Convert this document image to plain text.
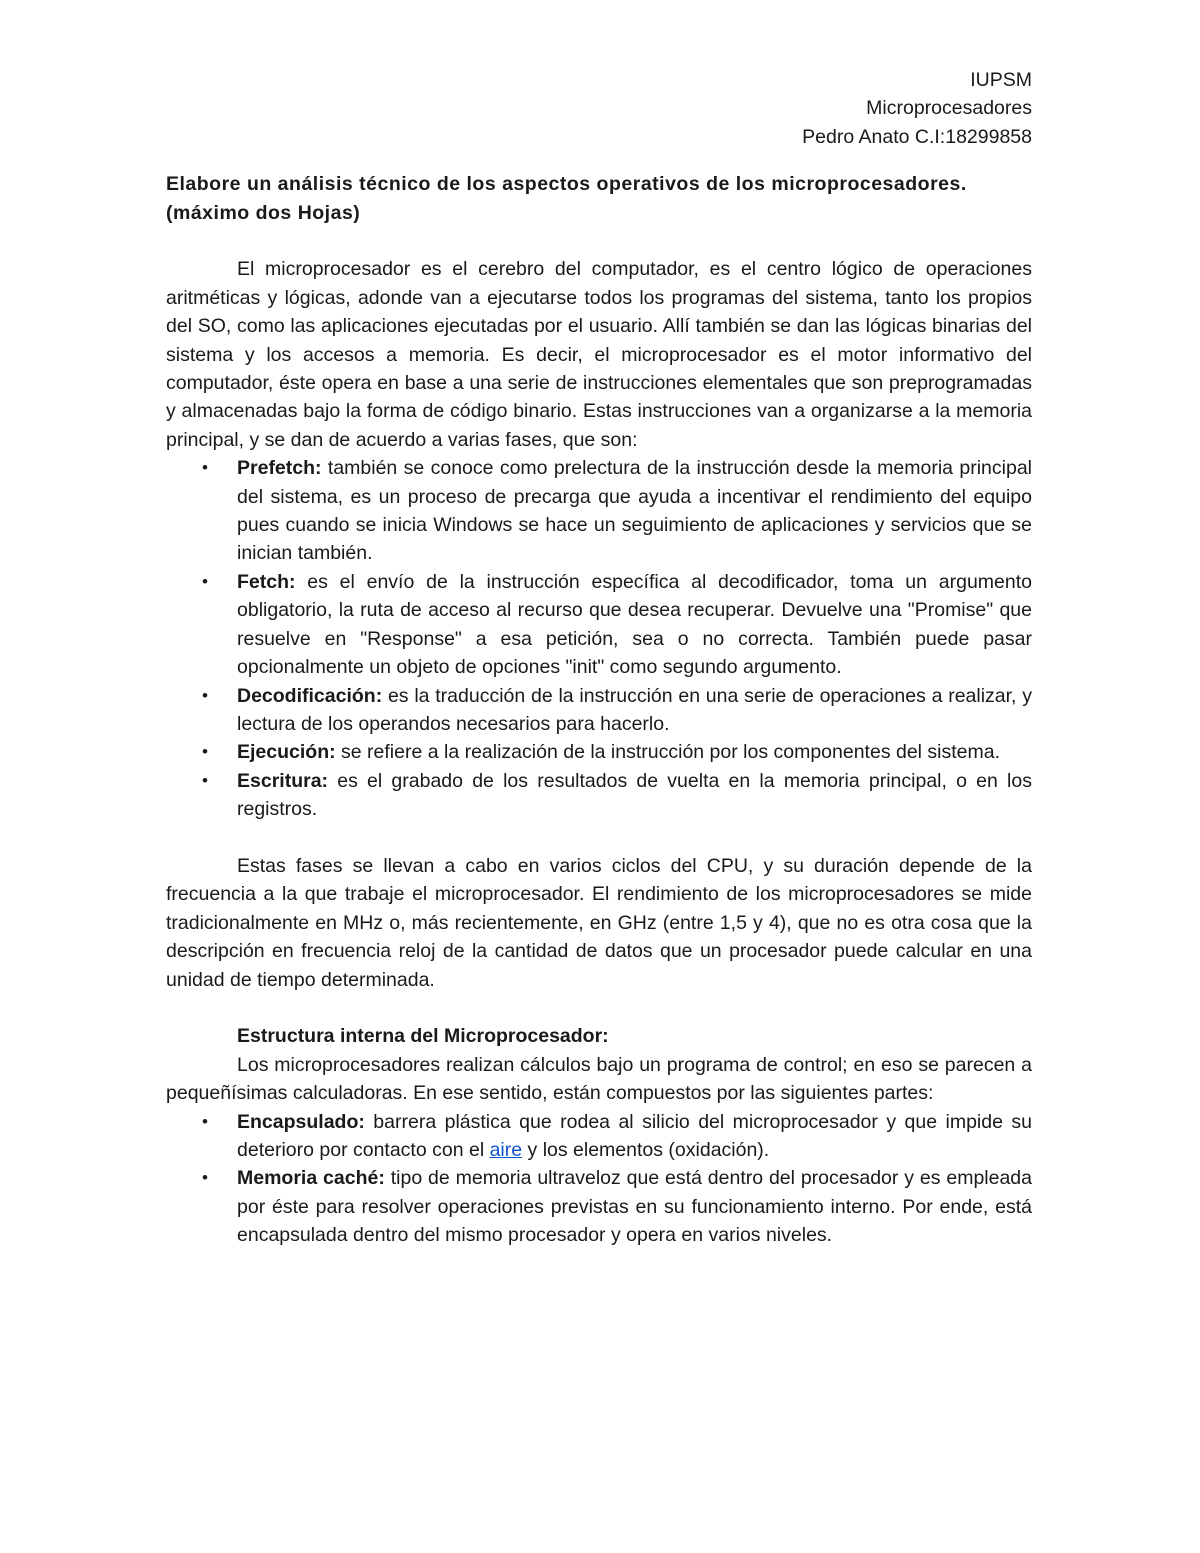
IUPSM

Microprocesadores

Pedro Anato C.I:18299858

Elabore un análisis técnico de los aspectos operativos de los microprocesadores.
(máximo dos Hojas)

El microprocesador es el cerebro del computador, es el centro lógico de operaciones aritméticas y lógicas, adonde van a ejecutarse todos los programas del sistema, tanto los propios del SO, como las aplicaciones ejecutadas por el usuario. Allí también se dan las lógicas binarias del sistema y los accesos a memoria. Es decir, el microprocesador es el motor informativo del computador, éste opera en base a una serie de instrucciones elementales que son preprogramadas y almacenadas bajo la forma de código binario. Estas instrucciones van a organizarse a la memoria principal, y se dan de acuerdo a varias fases, que son:

• Prefetch: también se conoce como prelectura de la instrucción desde la memoria principal del sistema, es un proceso de precarga que ayuda a incentivar el rendimiento del equipo pues cuando se inicia Windows se hace un seguimiento de aplicaciones y servicios que se inician también.
• Fetch: es el envío de la instrucción específica al decodificador, toma un argumento obligatorio, la ruta de acceso al recurso que desea recuperar. Devuelve una "Promise" que resuelve en "Response" a esa petición, sea o no correcta. También puede pasar opcionalmente un objeto de opciones "init" como segundo argumento.
• Decodificación: es la traducción de la instrucción en una serie de operaciones a realizar, y lectura de los operandos necesarios para hacerlo.
• Ejecución: se refiere a la realización de la instrucción por los componentes del sistema.
• Escritura: es el grabado de los resultados de vuelta en la memoria principal, o en los registros.

Estas fases se llevan a cabo en varios ciclos del CPU, y su duración depende de la frecuencia a la que trabaje el microprocesador. El rendimiento de los microprocesadores se mide tradicionalmente en MHz o, más recientemente, en GHz (entre 1,5 y 4), que no es otra cosa que la descripción en frecuencia reloj de la cantidad de datos que un procesador puede calcular en una unidad de tiempo determinada.

Estructura interna del Microprocesador:

Los microprocesadores realizan cálculos bajo un programa de control; en eso se parecen a pequeñísimas calculadoras. En ese sentido, están compuestos por las siguientes partes:

• Encapsulado: barrera plástica que rodea al silicio del microprocesador y que impide su deterioro por contacto con el aire y los elementos (oxidación).
• Memoria caché: tipo de memoria ultraveloz que está dentro del procesador y es empleada por éste para resolver operaciones previstas en su funcionamiento interno. Por ende, está encapsulada dentro del mismo procesador y opera en varios niveles.
